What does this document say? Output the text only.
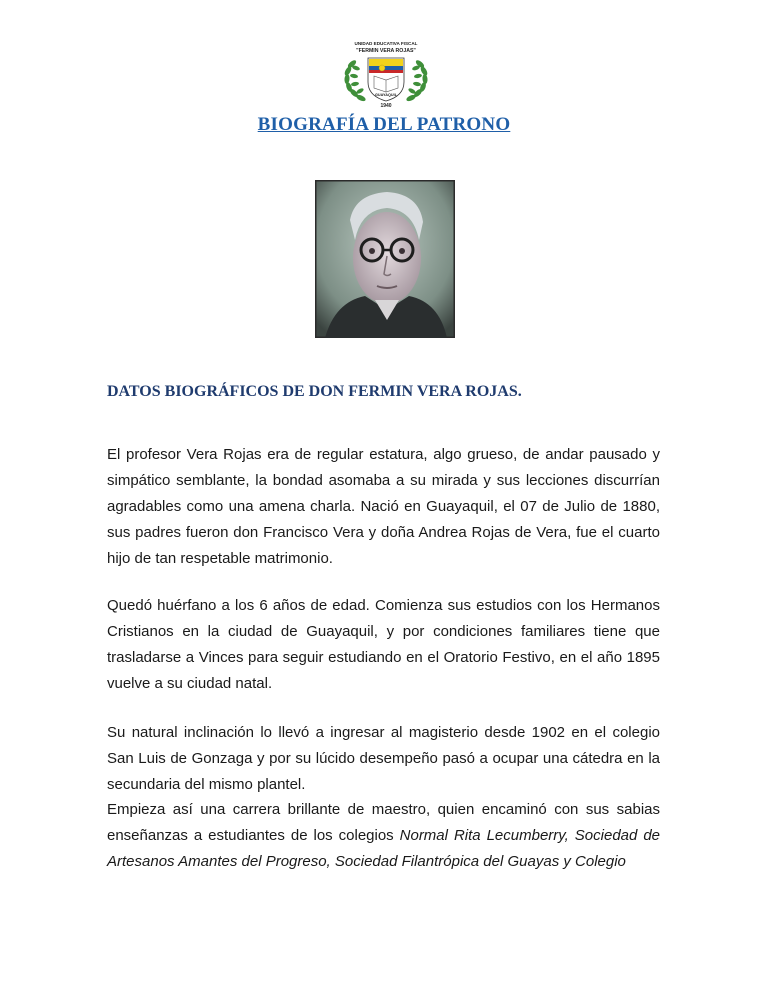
UNIDAD EDUCATIVA FISCAL
"FERMIN VERA ROJAS"
GUAYAQUIL
1940
BIOGRAFÍA DEL PATRONO
DATOS BIOGRÁFICOS DE DON FERMIN VERA ROJAS.

El profesor Vera Rojas era de regular estatura, algo grueso, de andar pausado y simpático semblante, la bondad asomaba a su mirada y sus lecciones discurrían agradables como una amena charla. Nació en Guayaquil, el 07 de Julio de 1880, sus padres fueron don Francisco Vera y doña Andrea Rojas de Vera, fue el cuarto hijo de tan respetable matrimonio.

Quedó huérfano a los 6 años de edad. Comienza sus estudios con los Hermanos Cristianos en la ciudad de Guayaquil, y por condiciones familiares tiene que trasladarse a Vinces para seguir estudiando en el Oratorio Festivo, en el año 1895 vuelve a su ciudad natal.

Su natural inclinación lo llevó a ingresar al magisterio desde 1902 en el colegio San Luis de Gonzaga y por su lúcido desempeño pasó a ocupar una cátedra en la secundaria del mismo plantel.

Empieza así una carrera brillante de maestro, quien encaminó con sus sabias enseñanzas a estudiantes de los colegios Normal Rita Lecumberry, Sociedad de Artesanos Amantes del Progreso, Sociedad Filantrópica del Guayas y Colegio
